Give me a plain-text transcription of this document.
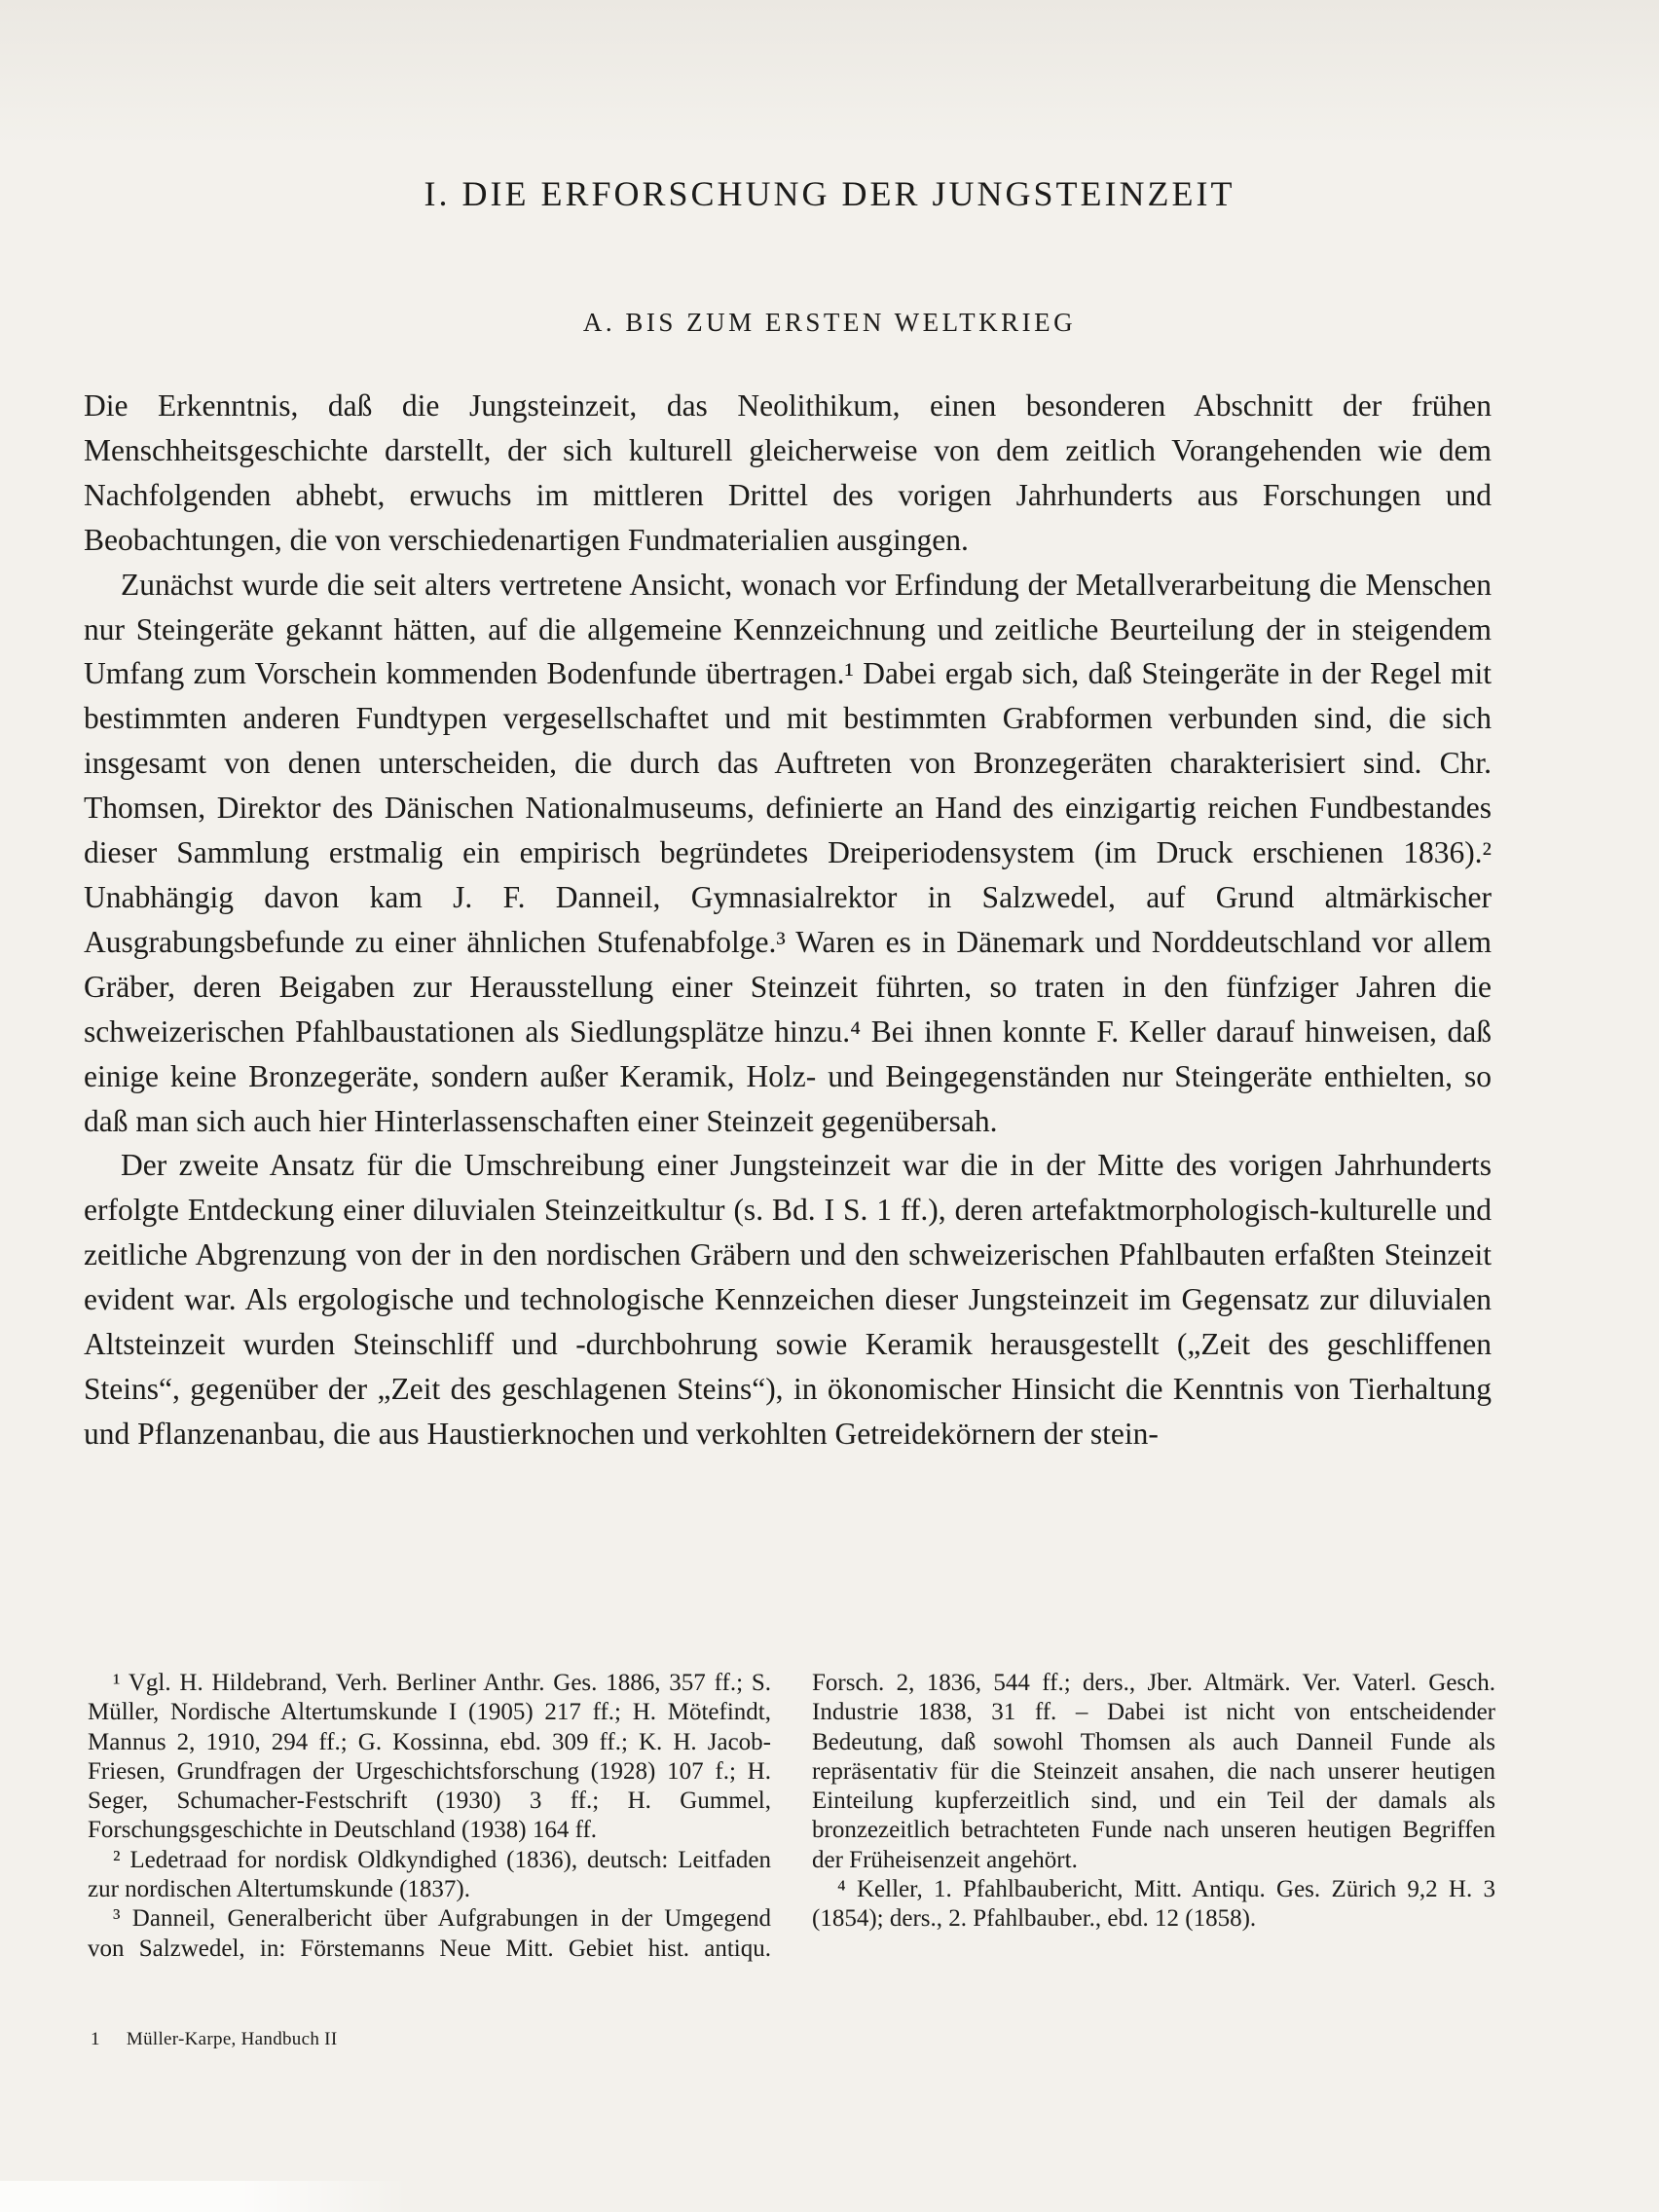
I. DIE ERFORSCHUNG DER JUNGSTEINZEIT
A. BIS ZUM ERSTEN WELTKRIEG

Die Erkenntnis, daß die Jungsteinzeit, das Neolithikum, einen besonderen Abschnitt der frühen Menschheitsgeschichte darstellt, der sich kulturell gleicherweise von dem zeitlich Vorangehenden wie dem Nachfolgenden abhebt, erwuchs im mittleren Drittel des vorigen Jahrhunderts aus Forschungen und Beobachtungen, die von verschiedenartigen Fundmaterialien ausgingen.

Zunächst wurde die seit alters vertretene Ansicht, wonach vor Erfindung der Metallverarbeitung die Menschen nur Steingeräte gekannt hätten, auf die allgemeine Kennzeichnung und zeitliche Beurteilung der in steigendem Umfang zum Vorschein kommenden Bodenfunde übertragen.¹ Dabei ergab sich, daß Steingeräte in der Regel mit bestimmten anderen Fundtypen vergesellschaftet und mit bestimmten Grabformen verbunden sind, die sich insgesamt von denen unterscheiden, die durch das Auftreten von Bronzegeräten charakterisiert sind. Chr. Thomsen, Direktor des Dänischen Nationalmuseums, definierte an Hand des einzigartig reichen Fundbestandes dieser Sammlung erstmalig ein empirisch begründetes Dreiperiodensystem (im Druck erschienen 1836).² Unabhängig davon kam J. F. Danneil, Gymnasialrektor in Salzwedel, auf Grund altmärkischer Ausgrabungsbefunde zu einer ähnlichen Stufenabfolge.³ Waren es in Dänemark und Norddeutschland vor allem Gräber, deren Beigaben zur Herausstellung einer Steinzeit führten, so traten in den fünfziger Jahren die schweizerischen Pfahlbaustationen als Siedlungsplätze hinzu.⁴ Bei ihnen konnte F. Keller darauf hinweisen, daß einige keine Bronzegeräte, sondern außer Keramik, Holz- und Beingegenständen nur Steingeräte enthielten, so daß man sich auch hier Hinterlassenschaften einer Steinzeit gegenübersah.

Der zweite Ansatz für die Umschreibung einer Jungsteinzeit war die in der Mitte des vorigen Jahrhunderts erfolgte Entdeckung einer diluvialen Steinzeitkultur (s. Bd. I S. 1 ff.), deren artefaktmorphologisch-kulturelle und zeitliche Abgrenzung von der in den nordischen Gräbern und den schweizerischen Pfahlbauten erfaßten Steinzeit evident war. Als ergologische und technologische Kennzeichen dieser Jungsteinzeit im Gegensatz zur diluvialen Altsteinzeit wurden Steinschliff und -durchbohrung sowie Keramik herausgestellt („Zeit des geschliffenen Steins“, gegenüber der „Zeit des geschlagenen Steins“), in ökonomischer Hinsicht die Kenntnis von Tierhaltung und Pflanzenanbau, die aus Haustierknochen und verkohlten Getreidekörnern der stein-

¹ Vgl. H. Hildebrand, Verh. Berliner Anthr. Ges. 1886, 357 ff.; S. Müller, Nordische Altertumskunde I (1905) 217 ff.; H. Mötefindt, Mannus 2, 1910, 294 ff.; G. Kossinna, ebd. 309 ff.; K. H. Jacob-Friesen, Grundfragen der Urgeschichtsforschung (1928) 107 f.; H. Seger, Schumacher-Festschrift (1930) 3 ff.; H. Gummel, Forschungsgeschichte in Deutschland (1938) 164 ff.

² Ledetraad for nordisk Oldkyndighed (1836), deutsch: Leitfaden zur nordischen Altertumskunde (1837).

³ Danneil, Generalbericht über Aufgrabungen in der Umgegend von Salzwedel, in: Förstemanns Neue Mitt. Gebiet hist. antiqu. Forsch. 2, 1836, 544 ff.; ders., Jber. Altmärk. Ver. Vaterl. Gesch. Industrie 1838, 31 ff. – Dabei ist nicht von entscheidender Bedeutung, daß sowohl Thomsen als auch Danneil Funde als repräsentativ für die Steinzeit ansahen, die nach unserer heutigen Einteilung kupferzeitlich sind, und ein Teil der damals als bronzezeitlich betrachteten Funde nach unseren heutigen Begriffen der Früheisenzeit angehört.

⁴ Keller, 1. Pfahlbaubericht, Mitt. Antiqu. Ges. Zürich 9,2 H. 3 (1854); ders., 2. Pfahlbauber., ebd. 12 (1858).

1 Müller-Karpe, Handbuch II
